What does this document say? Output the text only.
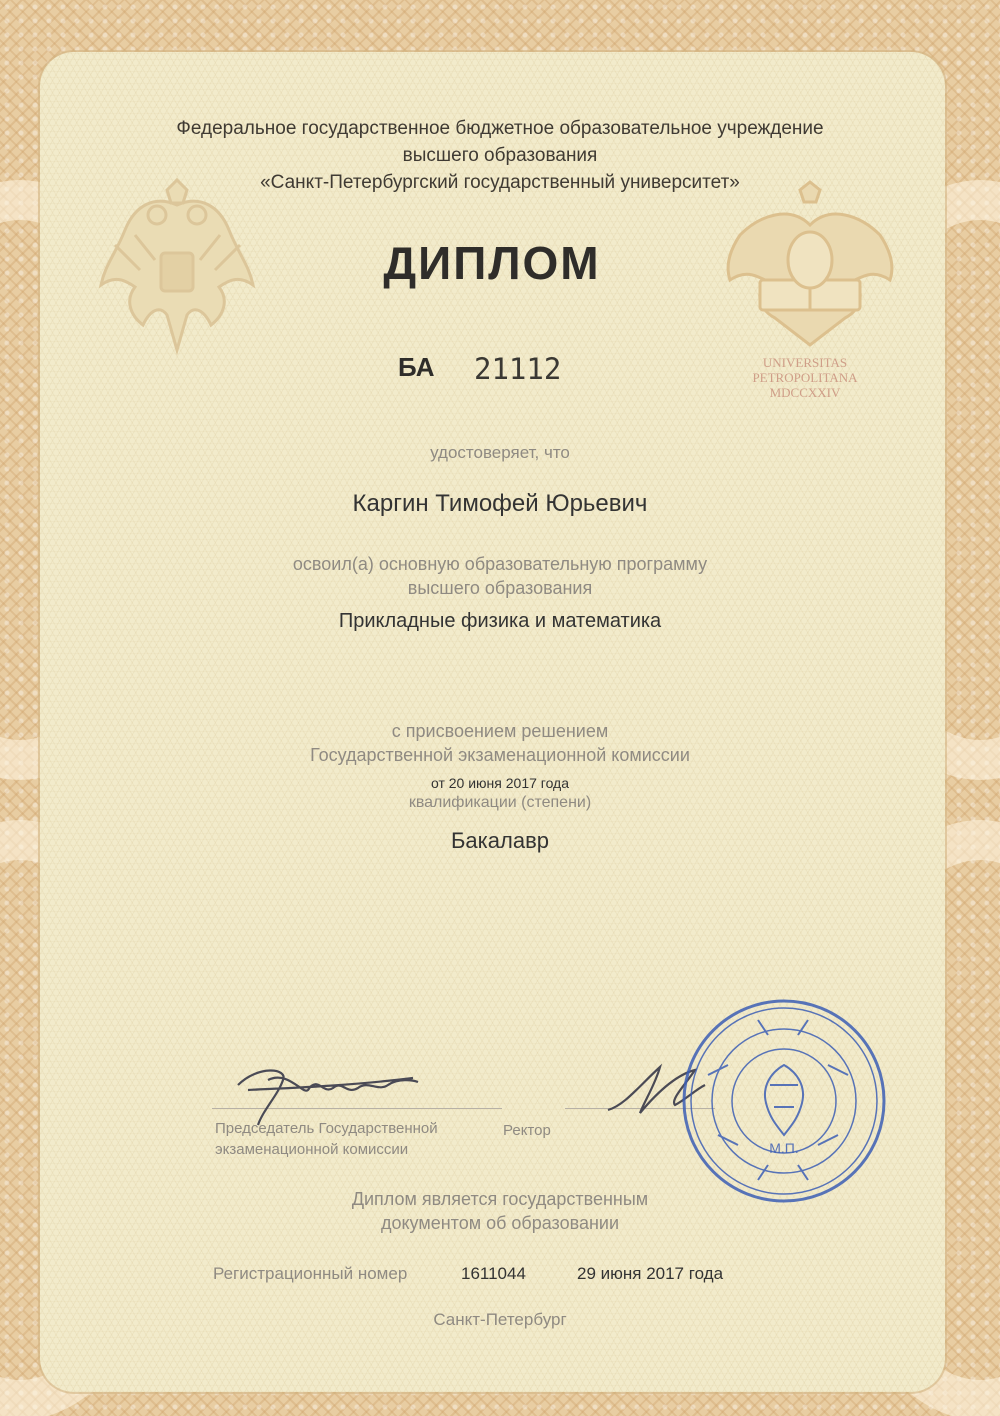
Федеральное государственное бюджетное образовательное учреждение

высшего образования

«Санкт-Петербургский государственный университет»

UNIVERSITAS
PETROPOLITANA
MDCCXXIV
ДИПЛОМ
БА 21112

удостоверяет, что

Каргин Тимофей Юрьевич

освоил(а) основную образовательную программу

высшего образования

Прикладные физика и математика

с присвоением решением

Государственной экзаменационной комиссии

от 20 июня 2017 года

квалификации (степени)

Бакалавр

Председатель Государственной
экзаменационной комиссии
Ректор
М.П.

Диплом является государственным

документом об образовании

Регистрационный номер	1611044	29 июня 2017 года

Санкт-Петербург
